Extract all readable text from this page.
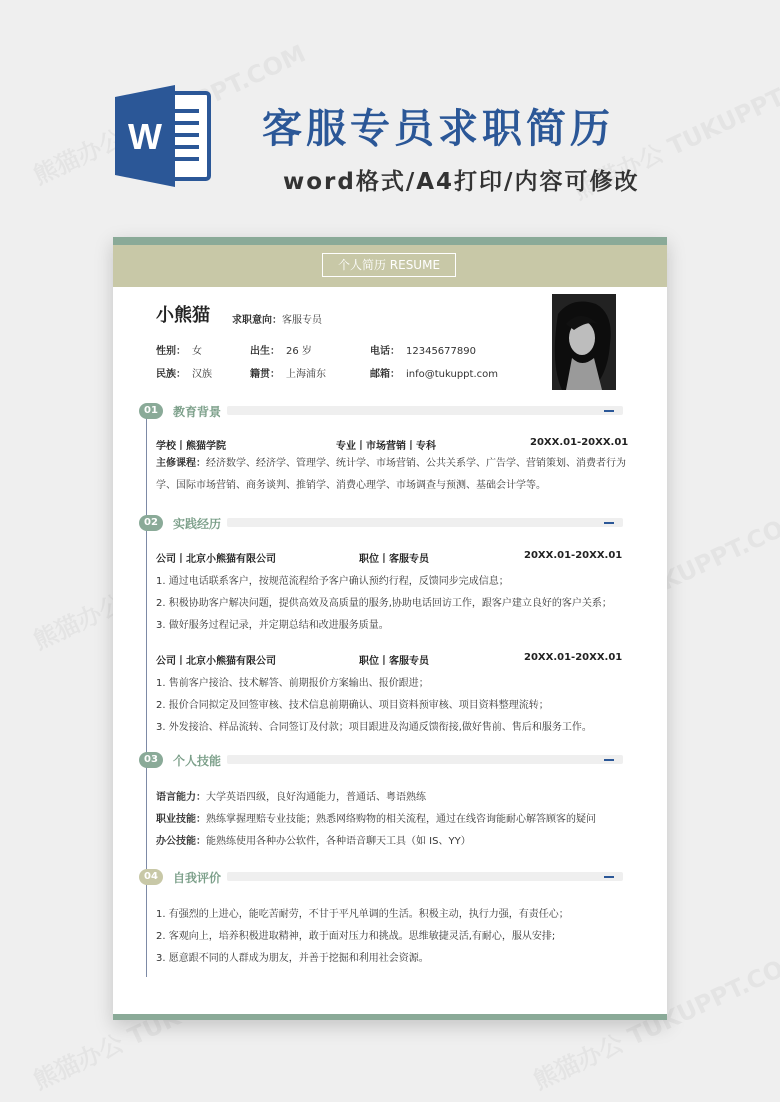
W	客服专员求职简历
word格式/A4打印/内容可修改
个人简历 RESUME
小熊猫 求职意向：客服专员
性别： 女	出生： 26 岁	电话： 12345677890
民族： 汉族	籍贯： 上海浦东	邮箱： info@tukuppt.com
01	教育背景
学校丨熊猫学院	专业丨市场营销丨专科	20XX.01-20XX.01
主修课程：经济数学、经济学、管理学、统计学、市场营销、公共关系学、广告学、营销策划、消费者行为学、国际市场营销、商务谈判、推销学、消费心理学、市场调查与预测、基础会计学等。
02	实践经历
公司丨北京小熊猫有限公司	职位丨客服专员	20XX.01-20XX.01
1. 通过电话联系客户，按规范流程给予客户确认预约行程，反馈同步完成信息；
2. 积极协助客户解决问题，提供高效及高质量的服务,协助电话回访工作，跟客户建立良好的客户关系；
3. 做好服务过程记录，并定期总结和改进服务质量。
公司丨北京小熊猫有限公司	职位丨客服专员	20XX.01-20XX.01
1. 售前客户接洽、技术解答、前期报价方案输出、报价跟进；
2. 报价合同拟定及回签审核、技术信息前期确认、项目资料预审核、项目资料整理流转；
3. 外发接洽、样品流转、合同签订及付款；项目跟进及沟通反馈衔接,做好售前、售后和服务工作。
03	个人技能
语言能力：大学英语四级，良好沟通能力，普通话、粤语熟练
职业技能：熟练掌握理赔专业技能；熟悉网络购物的相关流程，通过在线咨询能耐心解答顾客的疑问
办公技能：能熟练使用各种办公软件，各种语音聊天工具（如 IS、YY）
04	自我评价
1. 有强烈的上进心，能吃苦耐劳，不甘于平凡单调的生活。积极主动，执行力强，有责任心；
2. 客观向上，培养积极进取精神，敢于面对压力和挑战。思维敏捷灵活,有耐心，服从安排;
3. 愿意跟不同的人群成为朋友，并善于挖掘和利用社会资源。
